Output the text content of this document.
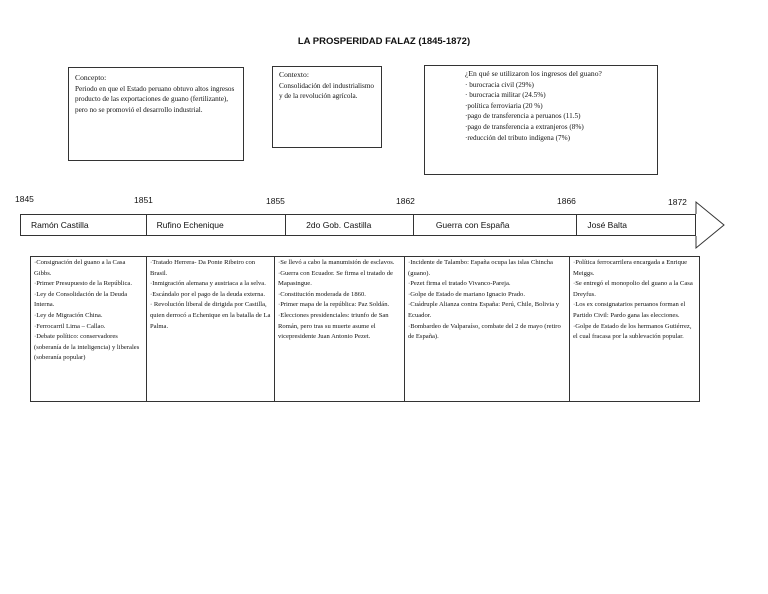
LA PROSPERIDAD FALAZ (1845-1872)
Concepto:
Periodo en que el Estado peruano obtuvo altos ingresos producto de las exportaciones de guano (fertilizante), pero no se promovió el desarrollo industrial.
Contexto:
Consolidación del industrialismo y de la revolución agrícola.
¿En qué se utilizaron los ingresos del guano?
· burocracia civil (29%)
· burocracia militar (24.5%)
·política ferroviaria (20 %)
·pago de transferencia a peruanos (11.5)
·pago de transferencia a extranjeros (8%)
·reducción del tributo indígena (7%)
1845	1851	1855	1862	1866	1872
Ramón Castilla	Rufino Echenique	2do Gob. Castilla	Guerra con España	José Balta
·Consignación del guano a la Casa Gibbs.
·Primer Presupuesto de la República.
·Ley de Consolidación de la Deuda Interna.
·Ley de Migración China.
·Ferrocarril Lima – Callao.
·Debate político: conservadores (soberanía de la inteligencia) y liberales (soberanía popular)
·Tratado Herrera- Da Ponte Ribeiro con Brasil.
·Inmigración alemana y austriaca a la selva.
·Escándalo por el pago de la deuda externa.
· Revolución liberal de dirigida por Castilla, quien derrocó a Echenique en la batalla de La Palma.
·Se llevó a cabo la manumisión de esclavos.
·Guerra con Ecuador. Se firma el tratado de Mapasingue.
·Constitución moderada de 1860.
·Primer mapa de la república: Paz Soldán.
·Elecciones presidenciales: triunfo de San Román, pero tras su muerte asume el vicepresidente Juan Antonio Pezet.
·Incidente de Talambo: España ocupa las islas Chincha (guano).
·Pezet firma el tratado Vivanco-Pareja.
·Golpe de Estado de mariano Ignacio Prado.
·Cuádruple Alianza contra España: Perú, Chile, Bolivia y Ecuador.
·Bombardeo de Valparaíso, combate del 2 de mayo (retiro de España).
·Política ferrocarrilera encargada a Enrique Meiggs.
·Se entregó el monopolio del guano a la Casa Dreyfus.
·Los ex consignatarios peruanos forman el Partido Civil: Pardo gana las elecciones.
·Golpe de Estado de los hermanos Gutiérrez, el cual fracasa por la sublevación popular.
